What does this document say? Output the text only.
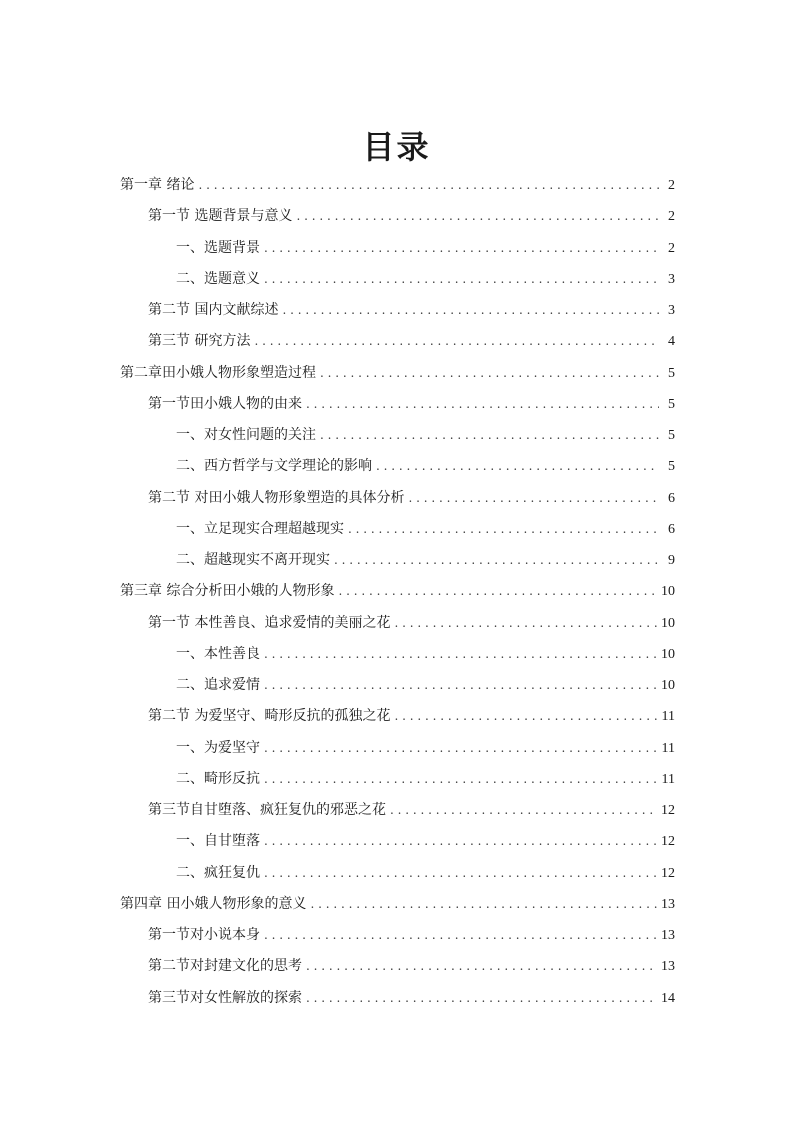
目录
第一章 绪论 . . .	2
第一节 选题背景与意义 . . .	2
一、选题背景 . . .	2
二、选题意义 . . .	3
第二节 国内文献综述 . . .	3
第三节 研究方法 . . .	4
第二章田小娥人物形象塑造过程 . . .	5
第一节田小娥人物的由来 . . .	5
一、对女性问题的关注 . . .	5
二、西方哲学与文学理论的影响 . . .	5
第二节 对田小娥人物形象塑造的具体分析 . . .	6
一、立足现实合理超越现实 . . .	6
二、超越现实不离开现实 . . .	9
第三章 综合分析田小娥的人物形象 . . .	10
第一节 本性善良、追求爱情的美丽之花 . . .	10
一、本性善良 . . .	10
二、追求爱情 . . .	10
第二节 为爱坚守、畸形反抗的孤独之花 . . .	11
一、为爱坚守 . . .	11
二、畸形反抗 . . .	11
第三节自甘堕落、疯狂复仇的邪恶之花 . . .	12
一、自甘堕落 . . .	12
二、疯狂复仇 . . .	12
第四章 田小娥人物形象的意义 . . .	13
第一节对小说本身 . . .	13
第二节对封建文化的思考 . . .	13
第三节对女性解放的探索 . . .	14
